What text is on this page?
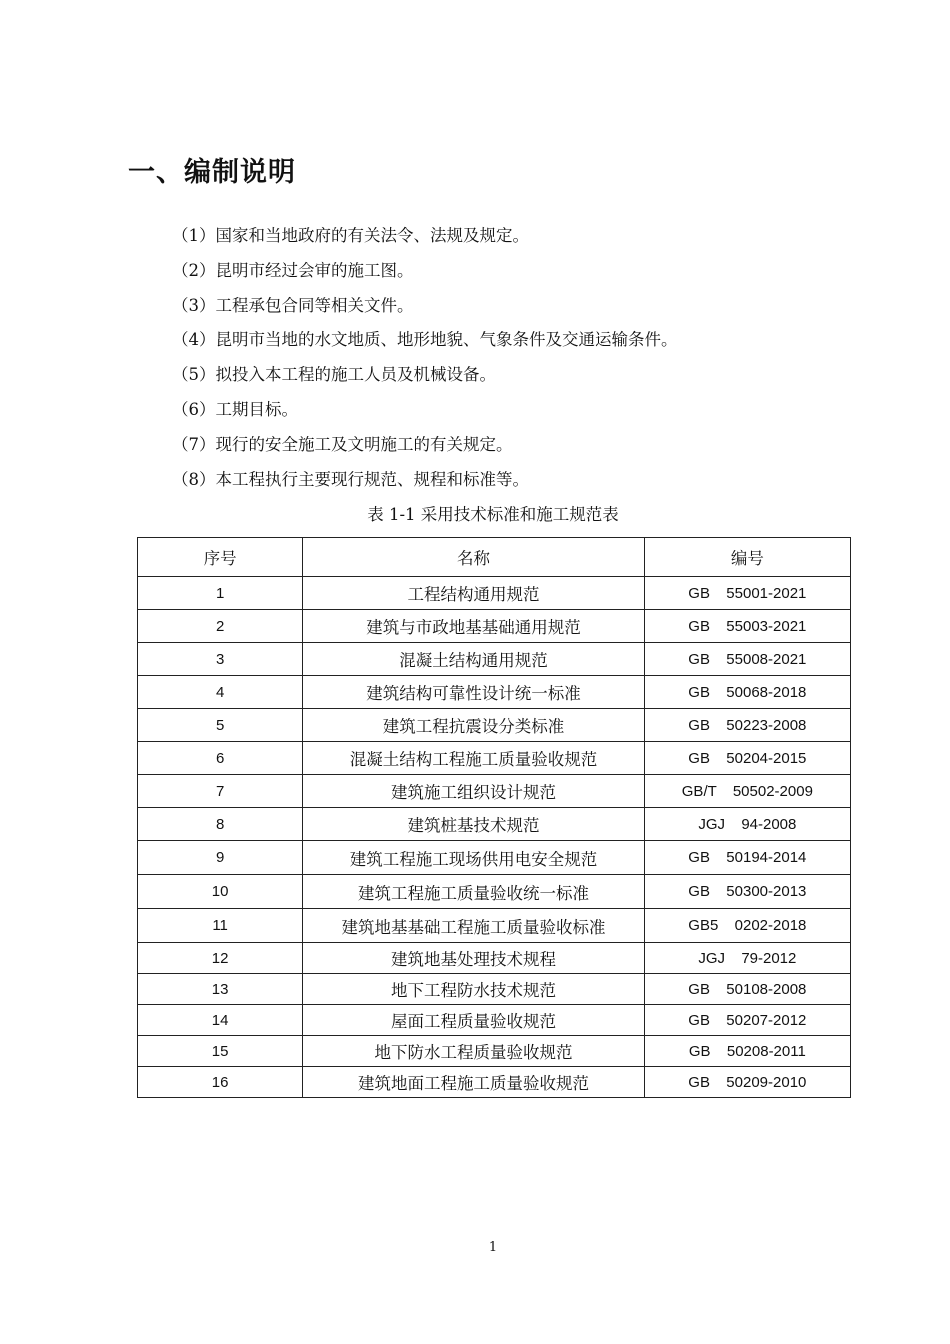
一、编制说明
（1）国家和当地政府的有关法令、法规及规定。
（2）昆明市经过会审的施工图。
（3）工程承包合同等相关文件。
（4）昆明市当地的水文地质、地形地貌、气象条件及交通运输条件。
（5）拟投入本工程的施工人员及机械设备。
（6）工期目标。
（7）现行的安全施工及文明施工的有关规定。
（8）本工程执行主要现行规范、规程和标准等。
表 1-1 采用技术标准和施工规范表
序号	名称	编号
1	工程结构通用规范	GB  55001-2021
2	建筑与市政地基基础通用规范	GB  55003-2021
3	混凝土结构通用规范	GB  55008-2021
4	建筑结构可靠性设计统一标准	GB  50068-2018
5	建筑工程抗震设分类标准	GB  50223-2008
6	混凝土结构工程施工质量验收规范	GB  50204-2015
7	建筑施工组织设计规范	GB/T  50502-2009
8	建筑桩基技术规范	JGJ  94-2008
9	建筑工程施工现场供用电安全规范	GB  50194-2014
10	建筑工程施工质量验收统一标准	GB  50300-2013
11	建筑地基基础工程施工质量验收标准	GB5  0202-2018
12	建筑地基处理技术规程	JGJ  79-2012
13	地下工程防水技术规范	GB  50108-2008
14	屋面工程质量验收规范	GB  50207-2012
15	地下防水工程质量验收规范	GB  50208-2011
16	建筑地面工程施工质量验收规范	GB  50209-2010
1
